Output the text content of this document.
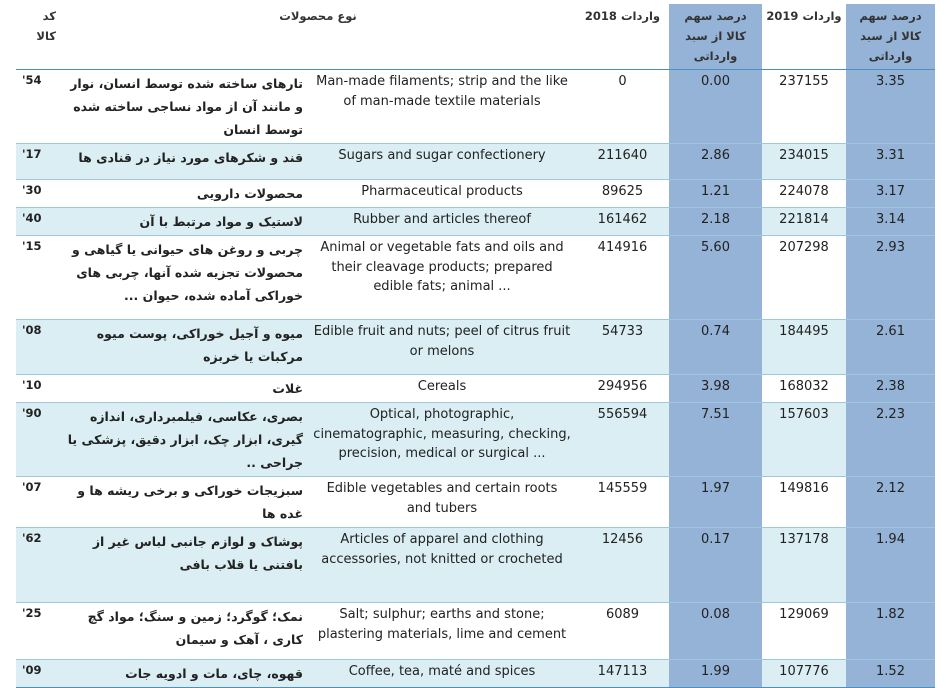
کد کالا	نوع محصولات		واردات 2018	درصد سهم کالا از سبد وارداتی	واردات 2019	درصد سهم کالا از سبد وارداتی
'54	تارهای ساخته شده توسط انسان، نوار و مانند آن از مواد نساجی ساخته شده توسط انسان	Man-made filaments; strip and the like of man-made textile materials	0	0.00	237155	3.35
'17	قند و شکرهای مورد نیاز در قنادی ها	Sugars and sugar confectionery	211640	2.86	234015	3.31
'30	محصولات دارویی	Pharmaceutical products	89625	1.21	224078	3.17
'40	لاستیک و مواد مرتبط با آن	Rubber and articles thereof	161462	2.18	221814	3.14
'15	چربی و روغن های حیوانی یا گیاهی و محصولات تجزیه شده آنها، چربی های خوراکی آماده شده، حیوان ...	Animal or vegetable fats and oils and their cleavage products; prepared edible fats; animal ...	414916	5.60	207298	2.93
'08	میوه و آجیل خوراکی، پوست میوه مرکبات یا خربزه	Edible fruit and nuts; peel of citrus fruit or melons	54733	0.74	184495	2.61
'10	غلات	Cereals	294956	3.98	168032	2.38
'90	بصری، عکاسی، فیلمبرداری، اندازه گیری، ابزار چک، ابزار دقیق، پزشکی یا جراحی ..	Optical, photographic, cinematographic, measuring, checking, precision, medical or surgical ...	556594	7.51	157603	2.23
'07	سبزیجات خوراکی و برخی ریشه ها و غده ها	Edible vegetables and certain roots and tubers	145559	1.97	149816	2.12
'62	پوشاک و لوازم جانبی لباس غیر از بافتنی یا قلاب بافی	Articles of apparel and clothing accessories, not knitted or crocheted	12456	0.17	137178	1.94
'25	نمک؛ گوگرد؛ زمین و سنگ؛ مواد گچ کاری ، آهک و سیمان	Salt; sulphur; earths and stone; plastering materials, lime and cement	6089	0.08	129069	1.82
'09	قهوه، چای، مات و ادویه جات	Coffee, tea, maté and spices	147113	1.99	107776	1.52
